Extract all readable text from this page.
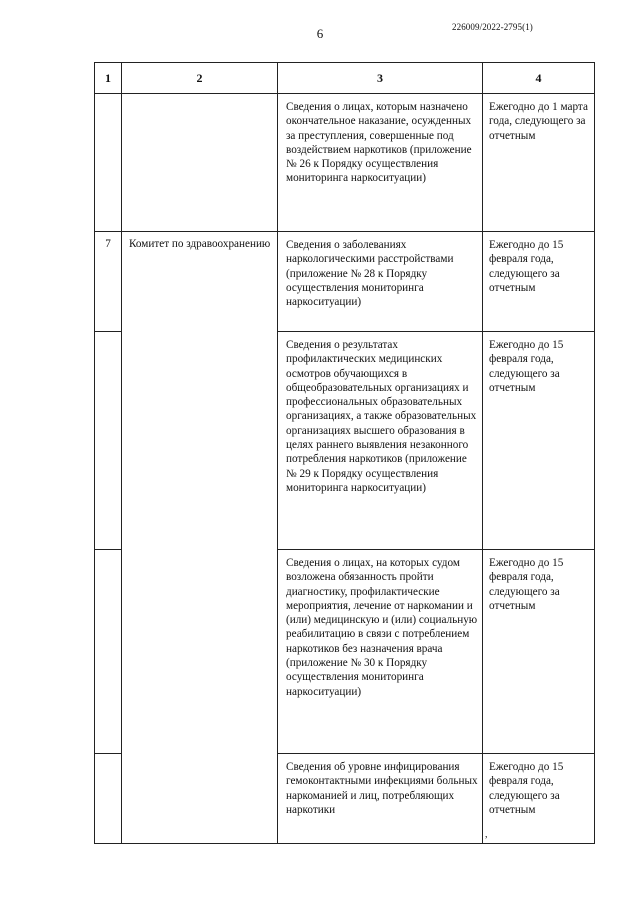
6	226009/2022-2795(1)
1	2	3	4
		Сведения о лицах, которым назначено окончательное наказание, осужденных за преступления, совершенные под воздействием наркотиков (приложение № 26 к Порядку осуществления мониторинга наркоситуации)	Ежегодно до 1 марта года, следующего за отчетным
7	Комитет по здравоохранению	Сведения о заболеваниях наркологическими расстройствами (приложение № 28 к Порядку осуществления мониторинга наркоситуации)	Ежегодно до 15 февраля года, следующего за отчетным
		Сведения о результатах профилактических медицинских осмотров обучающихся в общеобразовательных организациях и профессиональных образовательных организациях, а также образовательных организациях высшего образования в целях раннего выявления незаконного потребления наркотиков (приложение № 29 к Порядку осуществления мониторинга наркоситуации)	Ежегодно до 15 февраля года, следующего за отчетным
		Сведения о лицах, на которых судом возложена обязанность пройти диагностику, профилактические мероприятия, лечение от наркомании и (или) медицинскую и (или) социальную реабилитацию в связи с потреблением наркотиков без назначения врача (приложение № 30 к Порядку осуществления мониторинга наркоситуации)	Ежегодно до 15 февраля года, следующего за отчетным
		Сведения об уровне инфицирования гемоконтактными инфекциями больных наркоманией и лиц, потребляющих наркотики	Ежегодно до 15 февраля года, следующего за отчетным
,
